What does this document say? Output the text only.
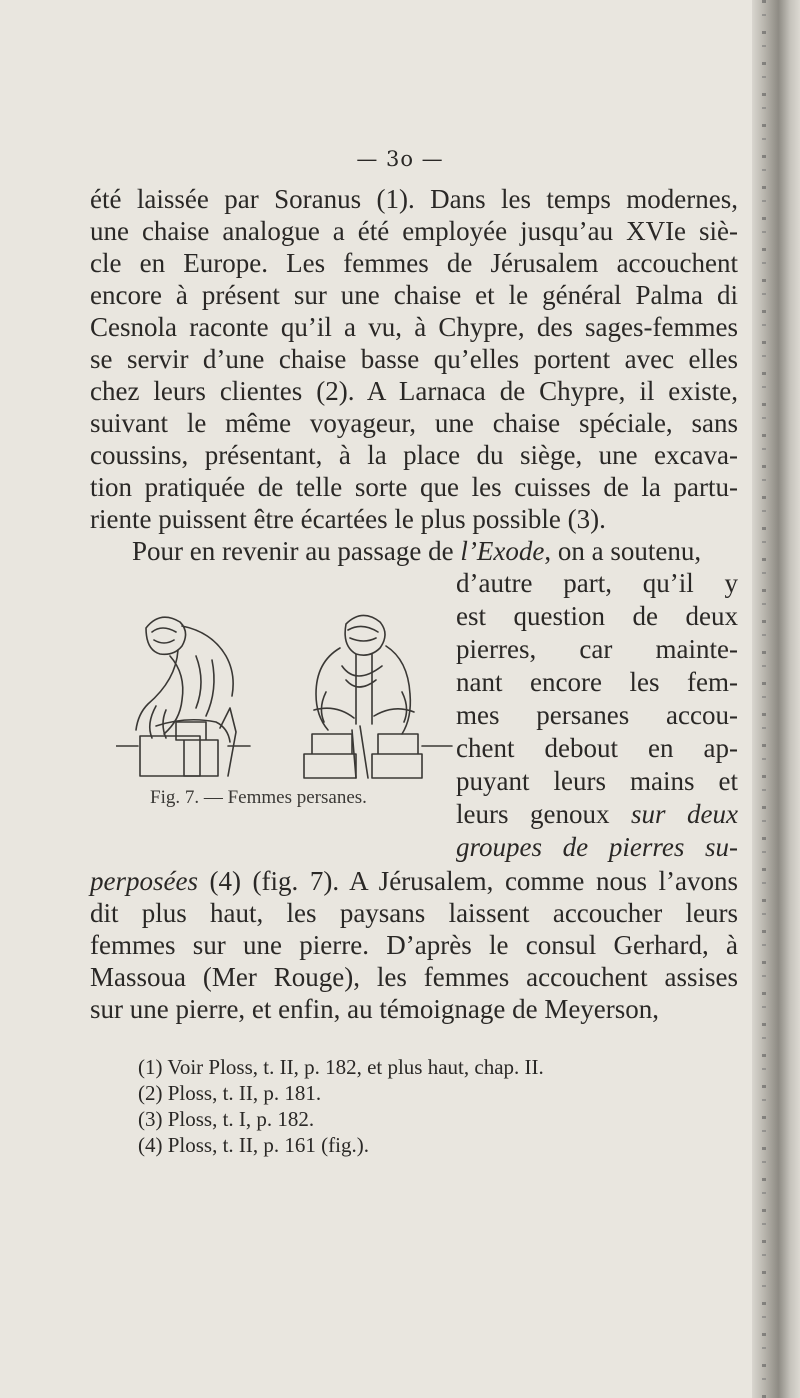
— 3o —
été laissée par Soranus (1). Dans les temps modernes,
une chaise analogue a été employée jusqu’au XVIe siè-
cle en Europe. Les femmes de Jérusalem accouchent
encore à présent sur une chaise et le général Palma di
Cesnola raconte qu’il a vu, à Chypre, des sages-femmes
se servir d’une chaise basse qu’elles portent avec elles
chez leurs clientes (2). A Larnaca de Chypre, il existe,
suivant le même voyageur, une chaise spéciale, sans
coussins, présentant, à la place du siège, une excava-
tion pratiquée de telle sorte que les cuisses de la partu-
riente puissent être écartées le plus possible (3).
Pour en revenir au passage de l’Exode, on a soutenu,
d’autre part, qu’il y
est question de deux
pierres, car mainte-
nant encore les fem-
mes persanes accou-
chent debout en ap-
puyant leurs mains et
leurs genoux sur deux
groupes de pierres su-
perposées (4) (fig. 7). A Jérusalem, comme nous l’avons
dit plus haut, les paysans laissent accoucher leurs
femmes sur une pierre. D’après le consul Gerhard, à
Massoua (Mer Rouge), les femmes accouchent assises
sur une pierre, et enfin, au témoignage de Meyerson,
Fig. 7. — Femmes persanes.
(1) Voir Ploss, t. II, p. 182, et plus haut, chap. II.
(2) Ploss, t. II, p. 181.
(3) Ploss, t. I, p. 182.
(4) Ploss, t. II, p. 161 (fig.).
